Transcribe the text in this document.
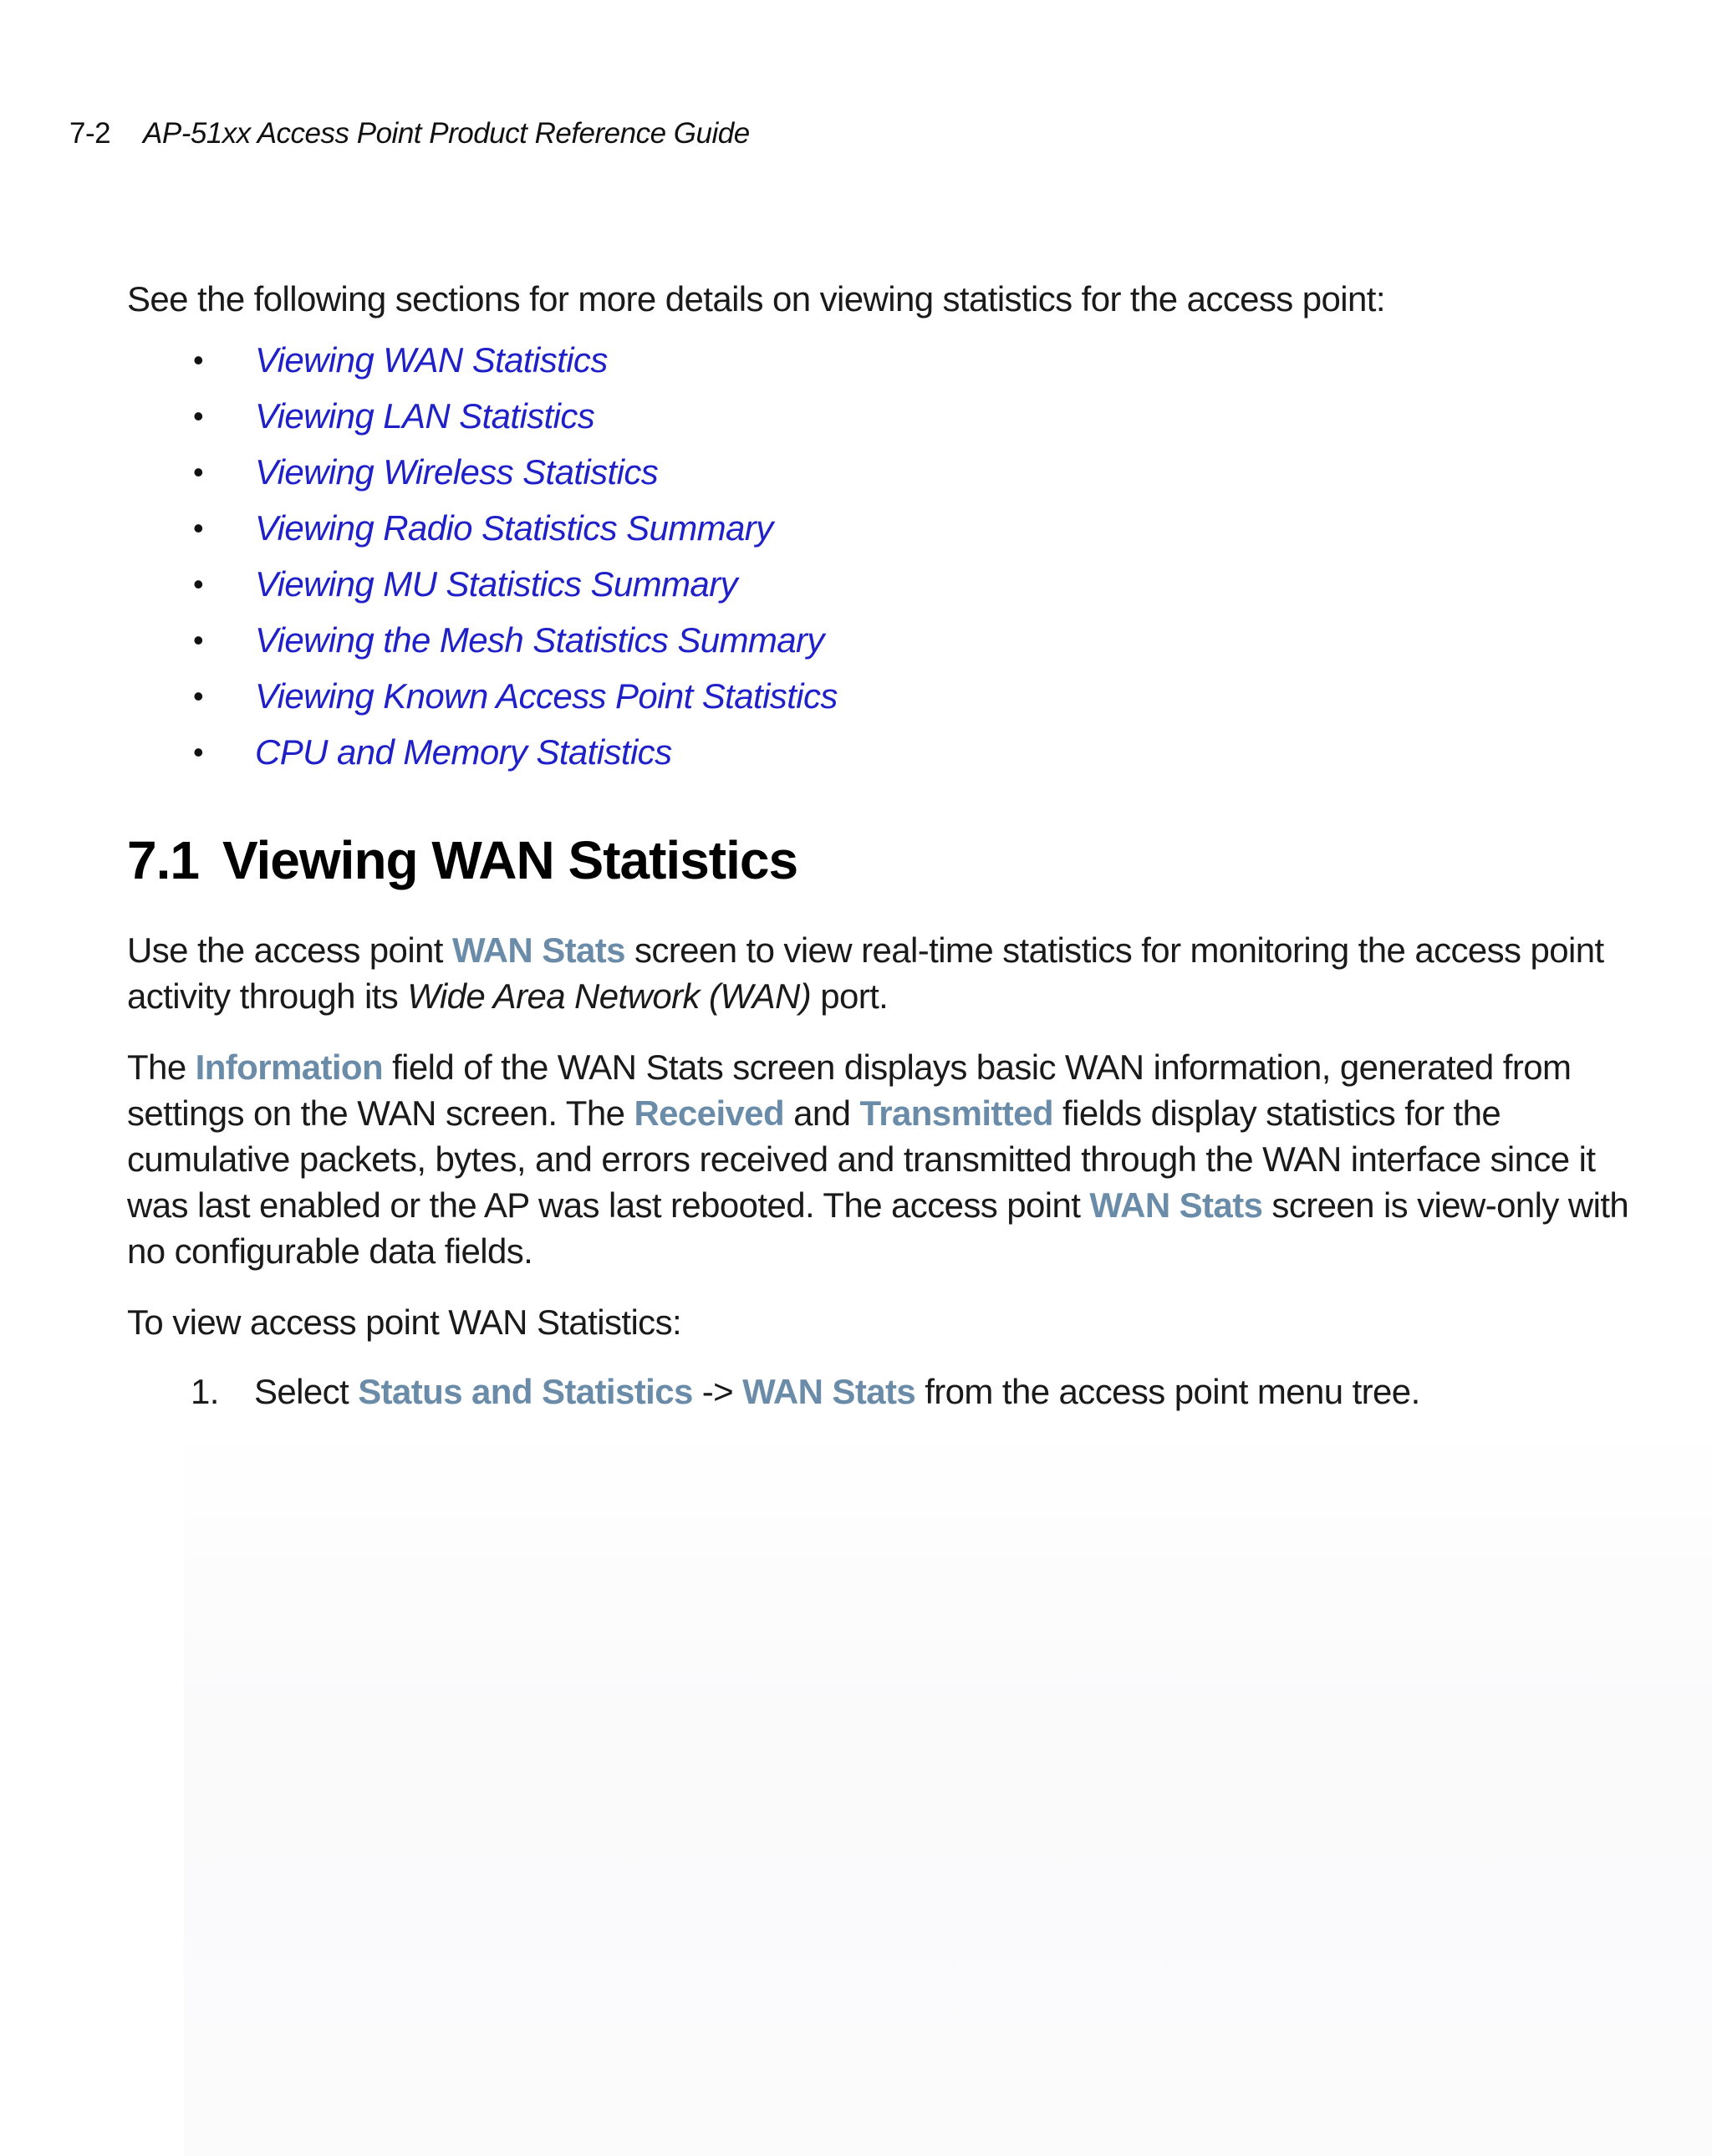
7-2 AP-51xx Access Point Product Reference Guide

See the following sections for more details on viewing statistics for the access point:

• Viewing WAN Statistics
• Viewing LAN Statistics
• Viewing Wireless Statistics
• Viewing Radio Statistics Summary
• Viewing MU Statistics Summary
• Viewing the Mesh Statistics Summary
• Viewing Known Access Point Statistics
• CPU and Memory Statistics
7.1 Viewing WAN Statistics

Use the access point WAN Stats screen to view real-time statistics for monitoring the access point

activity through its Wide Area Network (WAN) port.

The Information field of the WAN Stats screen displays basic WAN information, generated from

settings on the WAN screen. The Received and Transmitted fields display statistics for the

cumulative packets, bytes, and errors received and transmitted through the WAN interface since it

was last enabled or the AP was last rebooted. The access point WAN Stats screen is view-only with

no configurable data fields.

To view access point WAN Statistics:

1. Select Status and Statistics -> WAN Stats from the access point menu tree.
